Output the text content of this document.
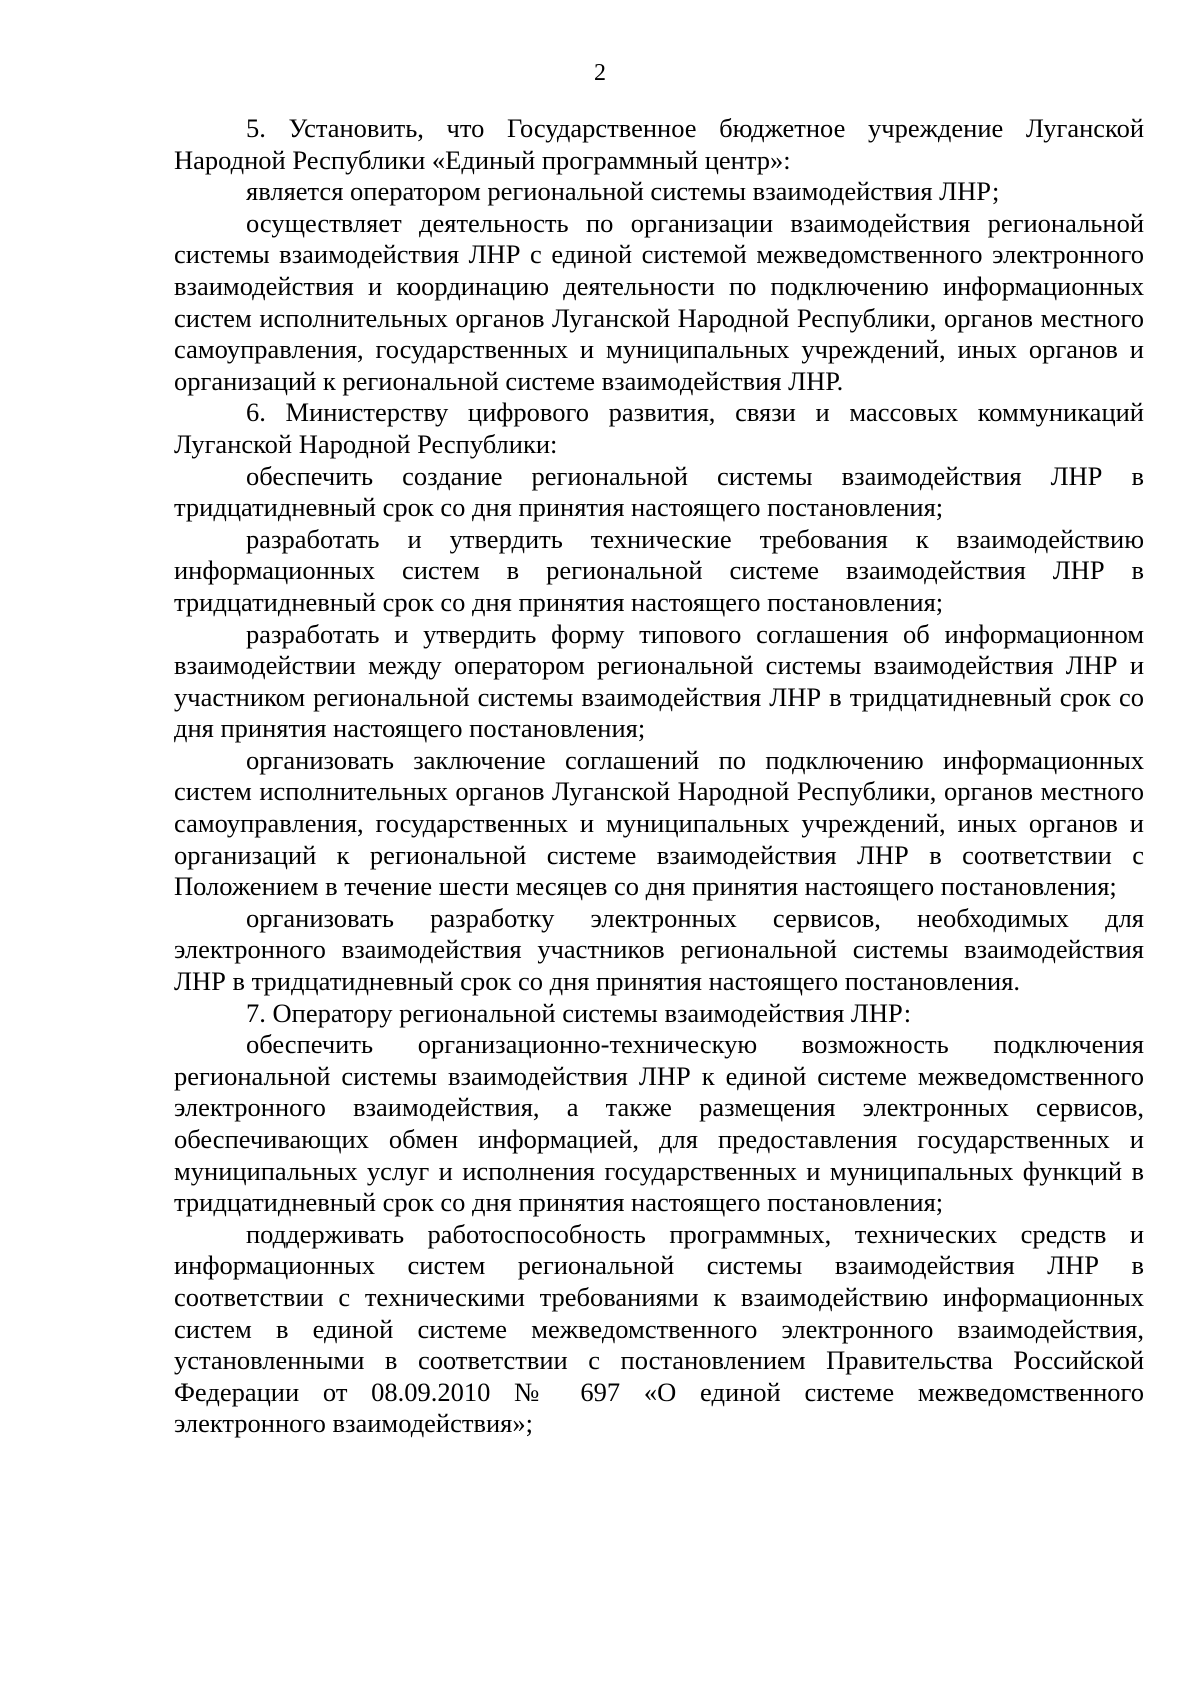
2

5. Установить, что Государственное бюджетное учреждение Луганской Народной Республики «Единый программный центр»:

является оператором региональной системы взаимодействия ЛНР;

осуществляет деятельность по организации взаимодействия региональной системы взаимодействия ЛНР с единой системой межведомственного электронного взаимодействия и координацию деятельности по подключению информационных систем исполнительных органов Луганской Народной Республики, органов местного самоуправления, государственных и муниципальных учреждений, иных органов и организаций к региональной системе взаимодействия ЛНР.

6. Министерству цифрового развития, связи и массовых коммуникаций Луганской Народной Республики:

обеспечить создание региональной системы взаимодействия ЛНР в тридцатидневный срок со дня принятия настоящего постановления;

разработать и утвердить технические требования к взаимодействию информационных систем в региональной системе взаимодействия ЛНР в тридцатидневный срок со дня принятия настоящего постановления;

разработать и утвердить форму типового соглашения об информационном взаимодействии между оператором региональной системы взаимодействия ЛНР и участником региональной системы взаимодействия ЛНР в тридцатидневный срок со дня принятия настоящего постановления;

организовать заключение соглашений по подключению информационных систем исполнительных органов Луганской Народной Республики, органов местного самоуправления, государственных и муниципальных учреждений, иных органов и организаций к региональной системе взаимодействия ЛНР в соответствии с Положением в течение шести месяцев со дня принятия настоящего постановления;

организовать разработку электронных сервисов, необходимых для электронного взаимодействия участников региональной системы взаимодействия ЛНР в тридцатидневный срок со дня принятия настоящего постановления.

7. Оператору региональной системы взаимодействия ЛНР:

обеспечить организационно-техническую возможность подключения региональной системы взаимодействия ЛНР к единой системе межведомственного электронного взаимодействия, а также размещения электронных сервисов, обеспечивающих обмен информацией, для предоставления государственных и муниципальных услуг и исполнения государственных и муниципальных функций в тридцатидневный срок со дня принятия настоящего постановления;

поддерживать работоспособность программных, технических средств и информационных систем региональной системы взаимодействия ЛНР в соответствии с техническими требованиями к взаимодействию информационных систем в единой системе межведомственного электронного взаимодействия, установленными в соответствии с постановлением Правительства Российской Федерации от 08.09.2010 № 697 «О единой системе межведомственного электронного взаимодействия»;
